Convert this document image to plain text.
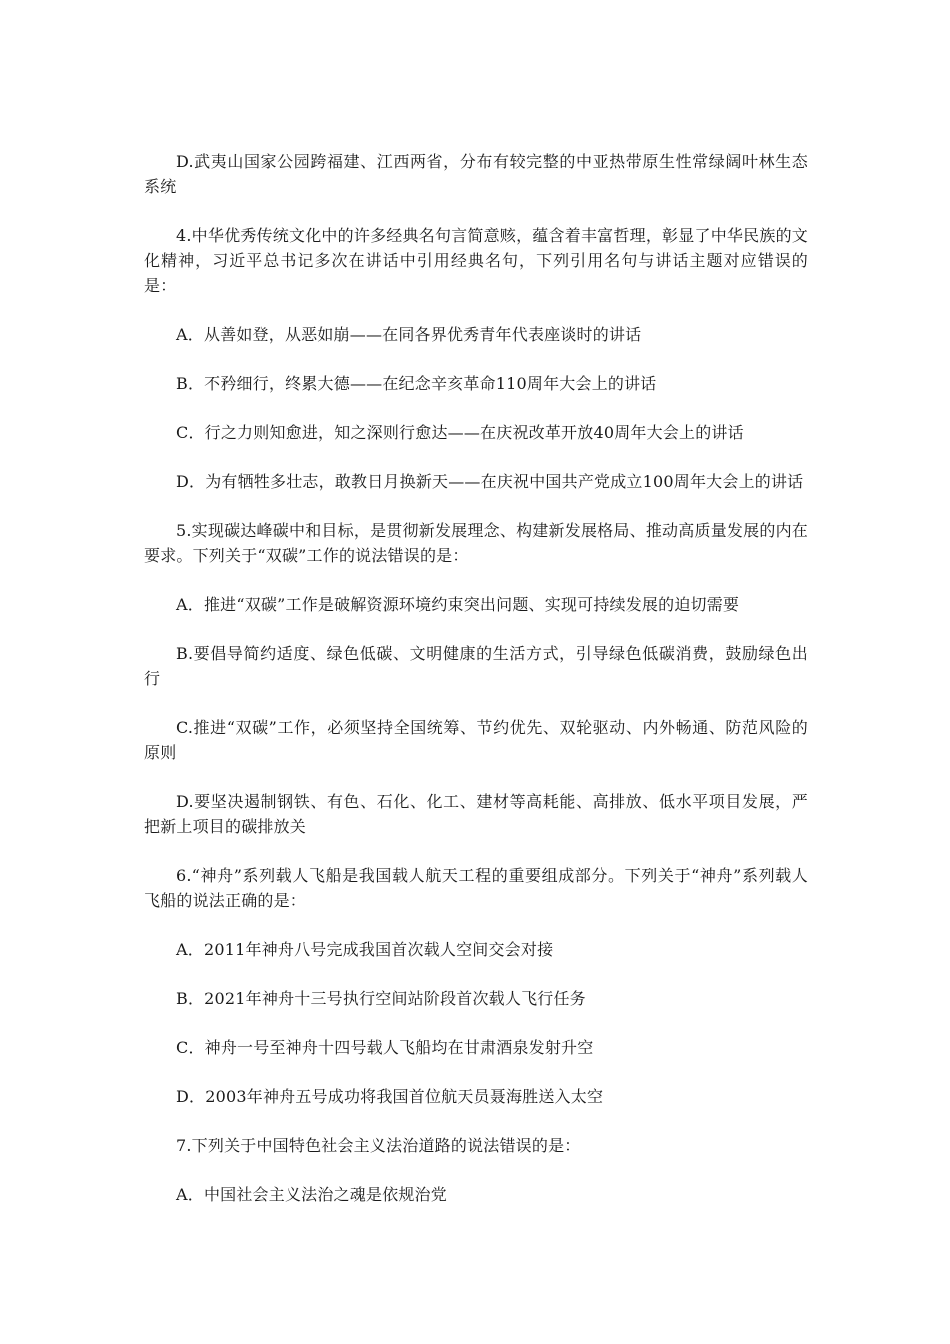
D.武夷山国家公园跨福建、江西两省，分布有较完整的中亚热带原生性常绿阔叶林生态系统

4.中华优秀传统文化中的许多经典名句言简意赅，蕴含着丰富哲理，彰显了中华民族的文化精神，习近平总书记多次在讲话中引用经典名句，下列引用名句与讲话主题对应错误的是：

A．从善如登，从恶如崩——在同各界优秀青年代表座谈时的讲话

B．不矜细行，终累大德——在纪念辛亥革命110周年大会上的讲话

C．行之力则知愈进，知之深则行愈达——在庆祝改革开放40周年大会上的讲话

D．为有牺牲多壮志，敢教日月换新天——在庆祝中国共产党成立100周年大会上的讲话

5.实现碳达峰碳中和目标，是贯彻新发展理念、构建新发展格局、推动高质量发展的内在要求。下列关于“双碳”工作的说法错误的是：

A．推进“双碳”工作是破解资源环境约束突出问题、实现可持续发展的迫切需要

B.要倡导简约适度、绿色低碳、文明健康的生活方式，引导绿色低碳消费，鼓励绿色出行

C.推进“双碳”工作，必须坚持全国统筹、节约优先、双轮驱动、内外畅通、防范风险的原则

D.要坚决遏制钢铁、有色、石化、化工、建材等高耗能、高排放、低水平项目发展，严把新上项目的碳排放关

6.“神舟”系列载人飞船是我国载人航天工程的重要组成部分。下列关于“神舟”系列载人飞船的说法正确的是：

A．2011年神舟八号完成我国首次载人空间交会对接

B．2021年神舟十三号执行空间站阶段首次载人飞行任务

C．神舟一号至神舟十四号载人飞船均在甘肃酒泉发射升空

D．2003年神舟五号成功将我国首位航天员聂海胜送入太空

7.下列关于中国特色社会主义法治道路的说法错误的是：

A．中国社会主义法治之魂是依规治党
